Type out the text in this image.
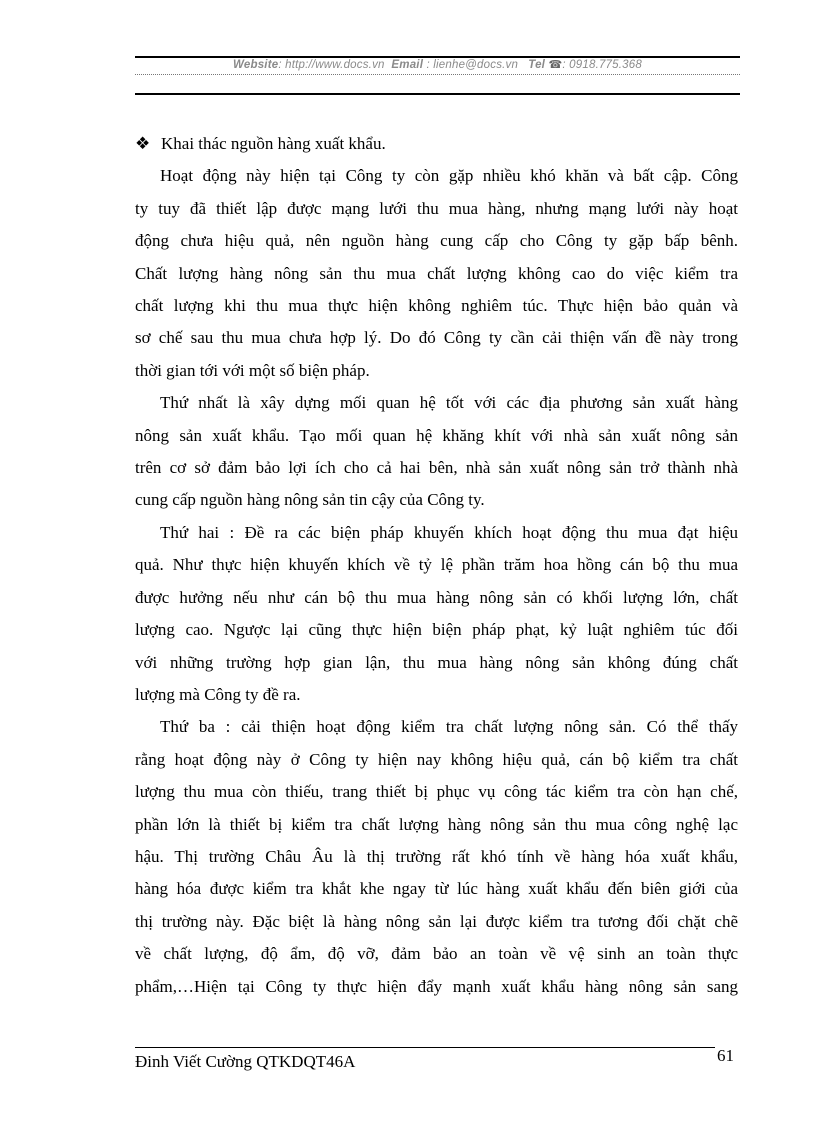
Website: http://www.docs.vn Email : lienhe@docs.vn Tel ☎: 0918.775.368

❖ Khai thác nguồn hàng xuất khẩu.

Hoạt động này hiện tại Công ty còn gặp nhiều khó khăn và bất cập. Công
ty tuy đã thiết lập được mạng lưới thu mua hàng, nhưng mạng lưới này hoạt
động chưa hiệu quả, nên nguồn hàng cung cấp cho Công ty gặp bấp bênh.
Chất lượng hàng nông sản thu mua chất lượng không cao do việc kiểm tra
chất lượng khi thu mua thực hiện không nghiêm túc. Thực hiện bảo quản và
sơ chế sau thu mua chưa hợp lý. Do đó Công ty cần cải thiện vấn đề này trong
thời gian tới với một số biện pháp.

Thứ nhất là xây dựng mối quan hệ tốt với các địa phương sản xuất hàng
nông sản xuất khẩu. Tạo mối quan hệ khăng khít với nhà sản xuất nông sản
trên cơ sở đảm bảo lợi ích cho cả hai bên, nhà sản xuất nông sản trở thành nhà
cung cấp nguồn hàng nông sản tin cậy của Công ty.

Thứ hai : Đề ra các biện pháp khuyến khích hoạt động thu mua đạt hiệu
quả. Như thực hiện khuyến khích về tỷ lệ phần trăm hoa hồng cán bộ thu mua
được hưởng nếu như cán bộ thu mua hàng nông sản có khối lượng lớn, chất
lượng cao. Ngược lại cũng thực hiện biện pháp phạt, kỷ luật nghiêm túc đối
với những trường hợp gian lận, thu mua hàng nông sản không đúng chất
lượng mà Công ty đề ra.

Thứ ba : cải thiện hoạt động kiểm tra chất lượng nông sản. Có thể thấy
rằng hoạt động này ở Công ty hiện nay không hiệu quả, cán bộ kiểm tra chất
lượng thu mua còn thiếu, trang thiết bị phục vụ công tác kiểm tra còn hạn chế,
phần lớn là thiết bị kiểm tra chất lượng hàng nông sản thu mua công nghệ lạc
hậu. Thị trường Châu Âu là thị trường rất khó tính về hàng hóa xuất khẩu,
hàng hóa được kiểm tra khắt khe ngay từ lúc hàng xuất khẩu đến biên giới của
thị trường này. Đặc biệt là hàng nông sản lại được kiểm tra tương đối chặt chẽ
về chất lượng, độ ẩm, độ vỡ, đảm bảo an toàn về vệ sinh an toàn thực
phẩm,…Hiện tại Công ty thực hiện đẩy mạnh xuất khẩu hàng nông sản sang

Đinh Viết Cường QTKDQT46A	61
